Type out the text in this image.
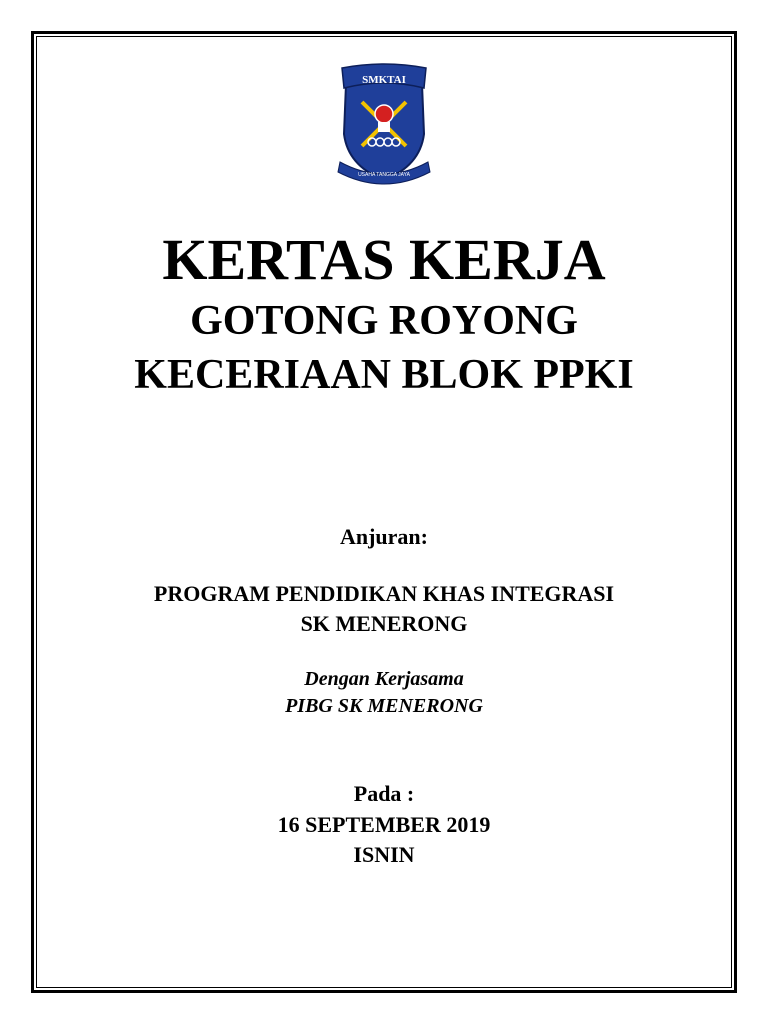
SMKTAI
USAHA TANGGA JAYA
KERTAS KERJA
GOTONG ROYONG
KECERIAAN BLOK PPKI
Anjuran:
PROGRAM PENDIDIKAN KHAS INTEGRASI
SK MENERONG
Dengan Kerjasama
PIBG SK MENERONG
Pada :
16 SEPTEMBER 2019
ISNIN
